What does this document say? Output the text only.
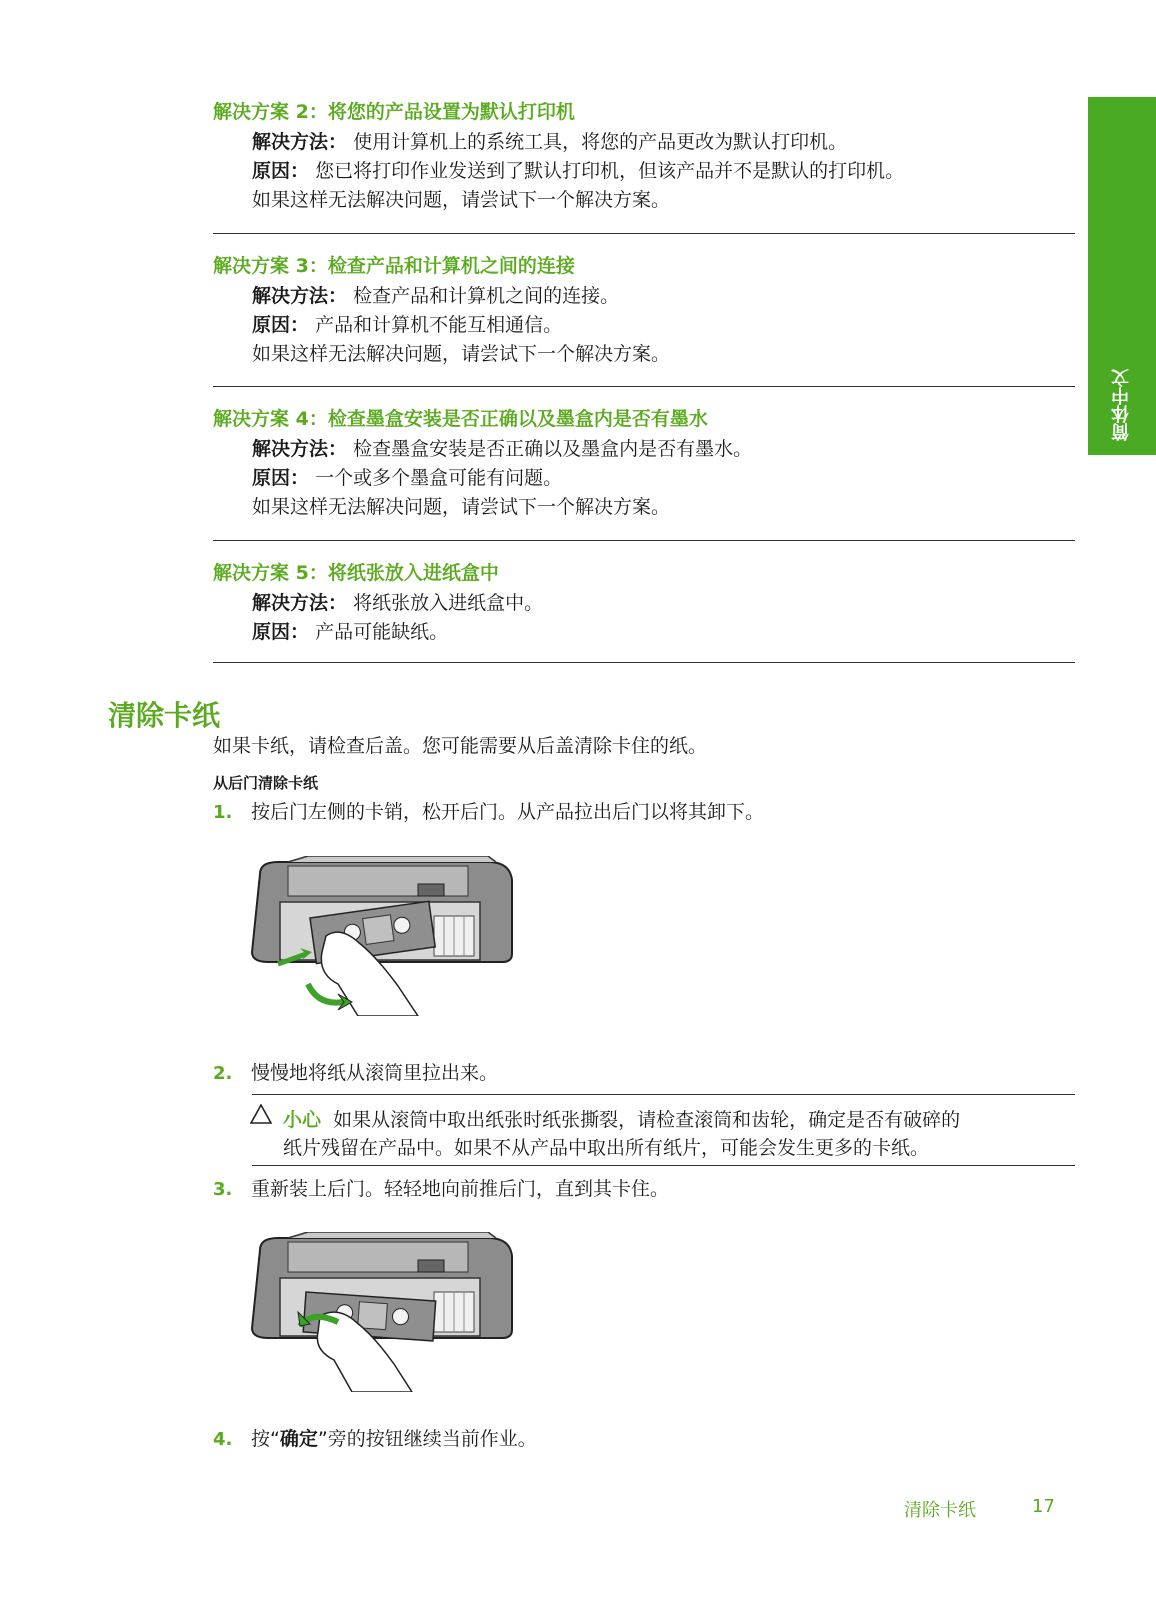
简体中文
解决方案 2：将您的产品设置为默认打印机
解决方法： 使用计算机上的系统工具，将您的产品更改为默认打印机。
原因： 您已将打印作业发送到了默认打印机，但该产品并不是默认的打印机。
如果这样无法解决问题，请尝试下一个解决方案。
解决方案 3：检查产品和计算机之间的连接
解决方法： 检查产品和计算机之间的连接。
原因： 产品和计算机不能互相通信。
如果这样无法解决问题，请尝试下一个解决方案。
解决方案 4：检查墨盒安装是否正确以及墨盒内是否有墨水
解决方法： 检查墨盒安装是否正确以及墨盒内是否有墨水。
原因： 一个或多个墨盒可能有问题。
如果这样无法解决问题，请尝试下一个解决方案。
解决方案 5：将纸张放入进纸盒中
解决方法： 将纸张放入进纸盒中。
原因： 产品可能缺纸。
清除卡纸
如果卡纸，请检查后盖。您可能需要从后盖清除卡住的纸。
从后门清除卡纸
1. 按后门左侧的卡销，松开后门。从产品拉出后门以将其卸下。
2. 慢慢地将纸从滚筒里拉出来。
小心 如果从滚筒中取出纸张时纸张撕裂，请检查滚筒和齿轮，确定是否有破碎的
纸片残留在产品中。如果不从产品中取出所有纸片，可能会发生更多的卡纸。
3. 重新装上后门。轻轻地向前推后门，直到其卡住。
4. 按“确定”旁的按钮继续当前作业。
清除卡纸	17
